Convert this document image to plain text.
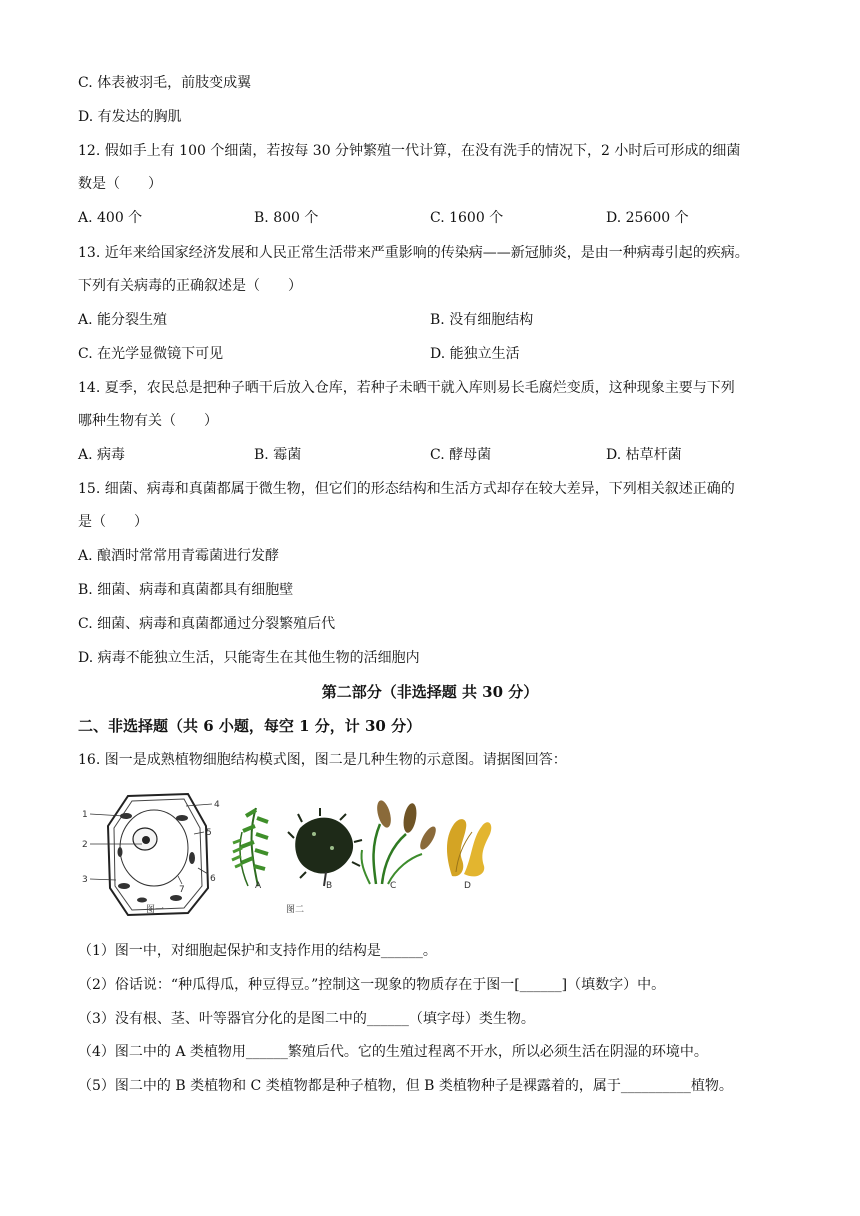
C. 体表被羽毛，前肢变成翼
D. 有发达的胸肌
12. 假如手上有 100 个细菌，若按每 30 分钟繁殖一代计算，在没有洗手的情况下，2 小时后可形成的细菌
数是（　　）
A. 400 个	B. 800 个	C. 1600 个	D. 25600 个
13. 近年来给国家经济发展和人民正常生活带来严重影响的传染病——新冠肺炎，是由一种病毒引起的疾病。
下列有关病毒的正确叙述是（　　）
A. 能分裂生殖	B. 没有细胞结构
C. 在光学显微镜下可见	D. 能独立生活
14. 夏季，农民总是把种子晒干后放入仓库，若种子未晒干就入库则易长毛腐烂变质，这种现象主要与下列
哪种生物有关（　　）
A. 病毒	B. 霉菌	C. 酵母菌	D. 枯草杆菌
15. 细菌、病毒和真菌都属于微生物，但它们的形态结构和生活方式却存在较大差异，下列相关叙述正确的
是（　　）
A. 酿酒时常常用青霉菌进行发酵
B. 细菌、病毒和真菌都具有细胞壁
C. 细菌、病毒和真菌都通过分裂繁殖后代
D. 病毒不能独立生活，只能寄生在其他生物的活细胞内
第二部分（非选择题 共 30 分）
二、非选择题（共 6 小题，每空 1 分，计 30 分）
16. 图一是成熟植物细胞结构模式图，图二是几种生物的示意图。请据图回答：
1
2
3
4
5
6
7
图一
A	B	C	D
图二
（1）图一中，对细胞起保护和支持作用的结构是______。
（2）俗话说：“种瓜得瓜，种豆得豆。”控制这一现象的物质存在于图一[______]（填数字）中。
（3）没有根、茎、叶等器官分化的是图二中的______（填字母）类生物。
（4）图二中的 A 类植物用______繁殖后代。它的生殖过程离不开水，所以必须生活在阴湿的环境中。
（5）图二中的 B 类植物和 C 类植物都是种子植物，但 B 类植物种子是裸露着的，属于__________植物。
